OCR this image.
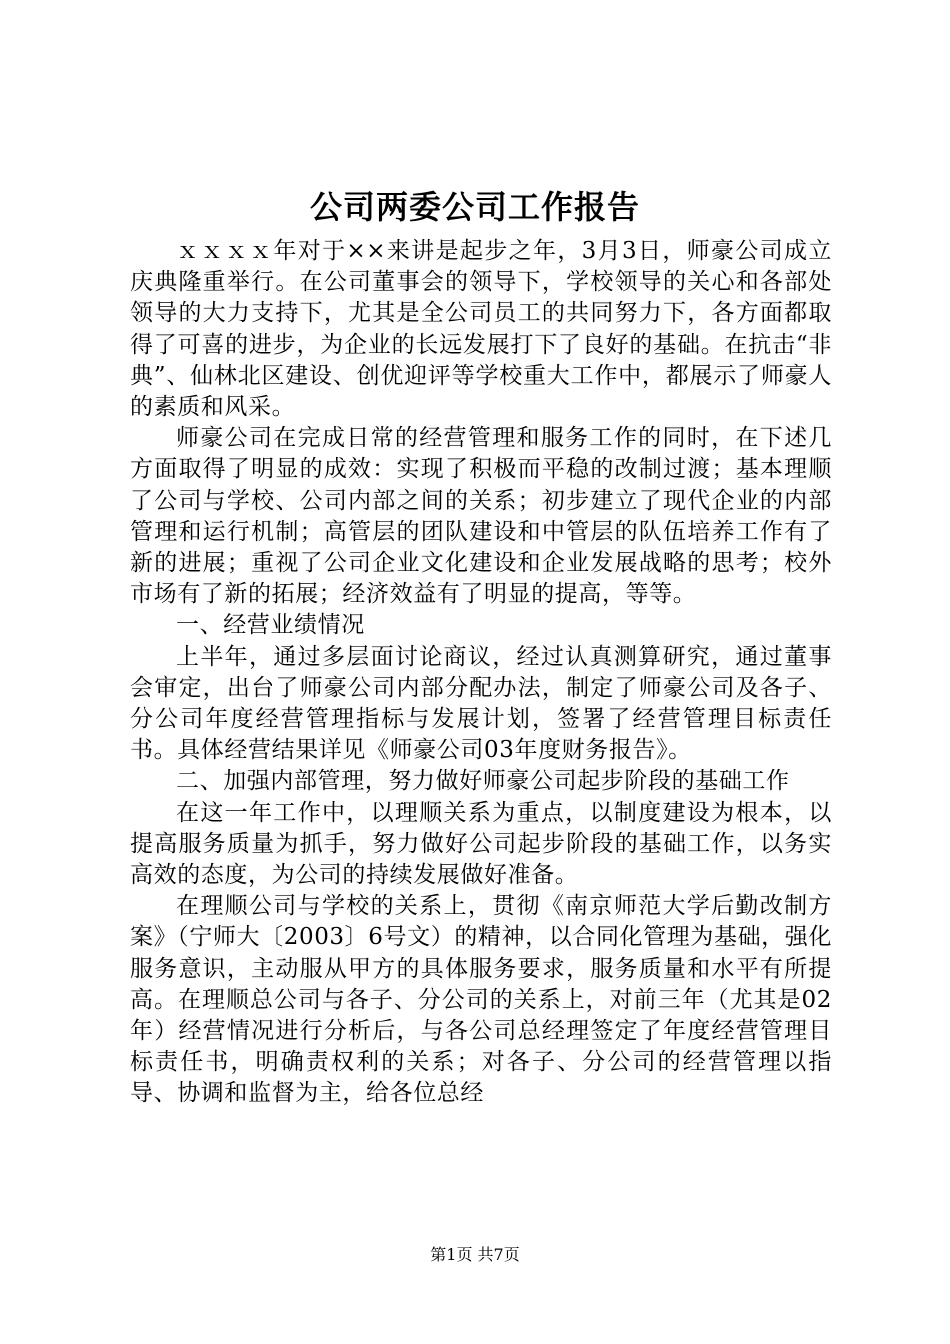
公司两委公司工作报告

ｘｘｘｘ年对于××来讲是起步之年，3月3日，师豪公司成立庆典隆重举行。在公司董事会的领导下，学校领导的关心和各部处领导的大力支持下，尤其是全公司员工的共同努力下，各方面都取得了可喜的进步，为企业的长远发展打下了良好的基础。在抗击“非典”、仙林北区建设、创优迎评等学校重大工作中，都展示了师豪人的素质和风采。

师豪公司在完成日常的经营管理和服务工作的同时，在下述几方面取得了明显的成效：实现了积极而平稳的改制过渡；基本理顺了公司与学校、公司内部之间的关系；初步建立了现代企业的内部管理和运行机制；高管层的团队建设和中管层的队伍培养工作有了新的进展；重视了公司企业文化建设和企业发展战略的思考；校外市场有了新的拓展；经济效益有了明显的提高，等等。

一、经营业绩情况

上半年，通过多层面讨论商议，经过认真测算研究，通过董事会审定，出台了师豪公司内部分配办法，制定了师豪公司及各子、分公司年度经营管理指标与发展计划，签署了经营管理目标责任书。具体经营结果详见《师豪公司03年度财务报告》。

二、加强内部管理，努力做好师豪公司起步阶段的基础工作

在这一年工作中，以理顺关系为重点，以制度建设为根本，以提高服务质量为抓手，努力做好公司起步阶段的基础工作，以务实高效的态度，为公司的持续发展做好准备。

在理顺公司与学校的关系上，贯彻《南京师范大学后勤改制方案》（宁师大〔2003〕6号文）的精神，以合同化管理为基础，强化服务意识，主动服从甲方的具体服务要求，服务质量和水平有所提高。在理顺总公司与各子、分公司的关系上，对前三年（尤其是02年）经营情况进行分析后，与各公司总经理签定了年度经营管理目标责任书，明确责权利的关系；对各子、分公司的经营管理以指导、协调和监督为主，给各位总经

第1页 共7页
